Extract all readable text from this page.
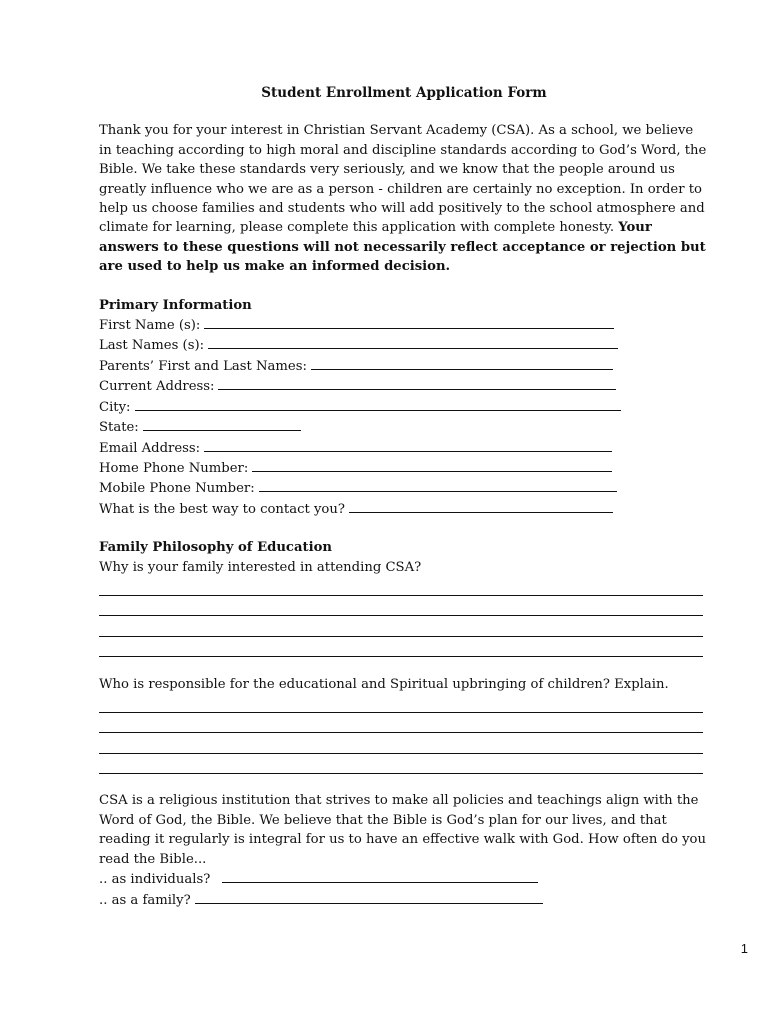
Student Enrollment Application Form

Thank you for your interest in Christian Servant Academy (CSA). As a school, we believe in teaching according to high moral and discipline standards according to God’s Word, the Bible. We take these standards very seriously, and we know that the people around us greatly influence who we are as a person - children are certainly no exception. In order to help us choose families and students who will add positively to the school atmosphere and climate for learning, please complete this application with complete honesty. Your answers to these questions will not necessarily reflect acceptance or rejection but are used to help us make an informed decision.

Primary Information
First Name (s):
Last Names (s):
Parents’ First and Last Names:
Current Address:
City:
State:
Email Address:
Home Phone Number:
Mobile Phone Number:
What is the best way to contact you?
Family Philosophy of Education
Why is your family interested in attending CSA?

Who is responsible for the educational and Spiritual upbringing of children? Explain.

CSA is a religious institution that strives to make all policies and teachings align with the Word of God, the Bible. We believe that the Bible is God’s plan for our lives, and that reading it regularly is integral for us to have an effective walk with God. How often do you read the Bible...

.. as individuals?
.. as a family?
1
